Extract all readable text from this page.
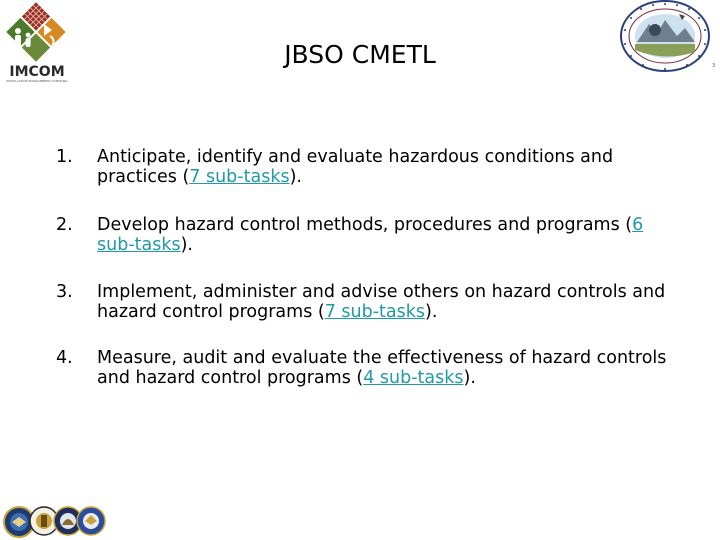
IMCOM
INSTALLATION MANAGEMENT COMMAND
JBSO CMETL	3
1. Anticipate, identify and evaluate hazardous conditions and practices (7 sub-tasks).
2. Develop hazard control methods, procedures and programs (6 sub-tasks).
3. Implement, administer and advise others on hazard controls and hazard control programs (7 sub-tasks).
4. Measure, audit and evaluate the effectiveness of hazard controls and hazard control programs (4 sub-tasks).
